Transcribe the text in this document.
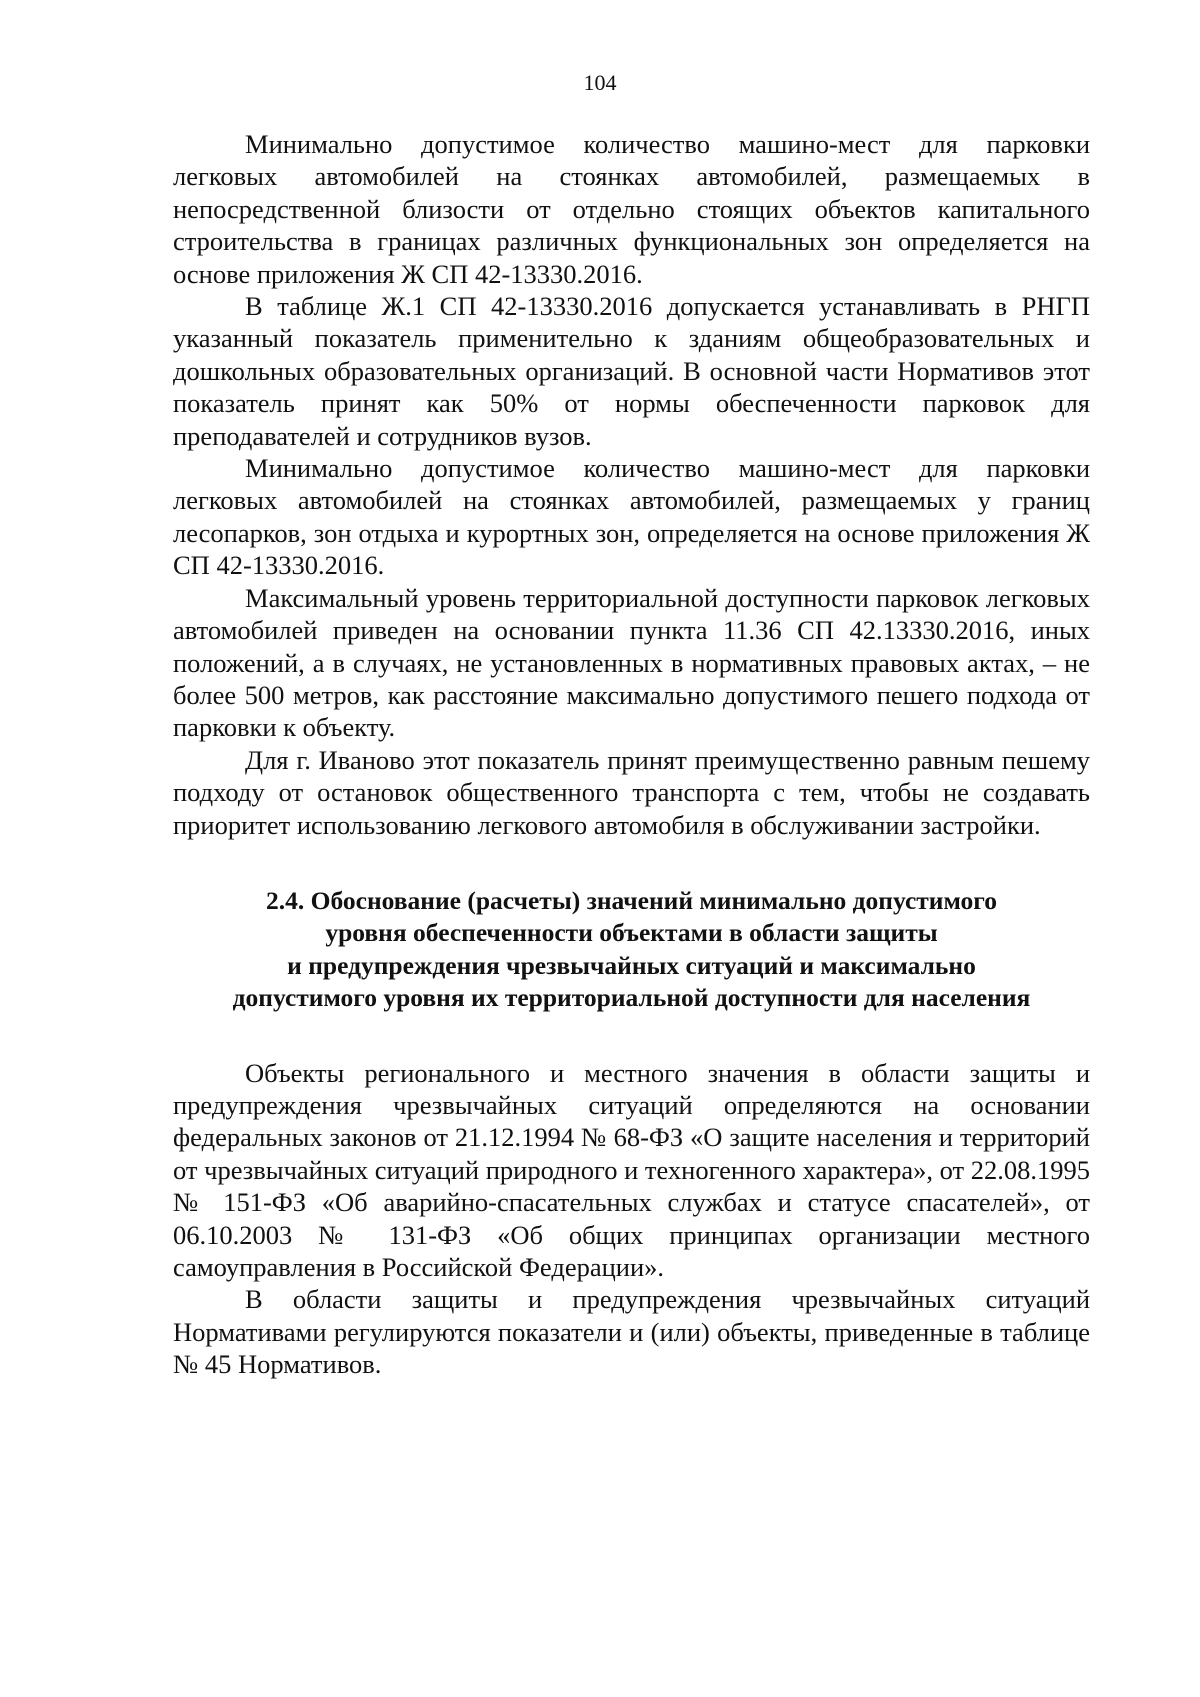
104

Минимально допустимое количество машино-мест для парковки легковых автомобилей на стоянках автомобилей, размещаемых в непосредственной близости от отдельно стоящих объектов капитального строительства в границах различных функциональных зон определяется на основе приложения Ж СП 42-13330.2016.

В таблице Ж.1 СП 42-13330.2016 допускается устанавливать в РНГП указанный показатель применительно к зданиям общеобразовательных и дошкольных образовательных организаций. В основной части Нормативов этот показатель принят как 50% от нормы обеспеченности парковок для преподавателей и сотрудников вузов.

Минимально допустимое количество машино-мест для парковки легковых автомобилей на стоянках автомобилей, размещаемых у границ лесопарков, зон отдыха и курортных зон, определяется на основе приложения Ж СП 42-13330.2016.

Максимальный уровень территориальной доступности парковок легковых автомобилей приведен на основании пункта 11.36 СП 42.13330.2016, иных положений, а в случаях, не установленных в нормативных правовых актах, – не более 500 метров, как расстояние максимально допустимого пешего подхода от парковки к объекту.

Для г. Иваново этот показатель принят преимущественно равным пешему подходу от остановок общественного транспорта с тем, чтобы не создавать приоритет использованию легкового автомобиля в обслуживании застройки.

2.4. Обоснование (расчеты) значений минимально допустимого
уровня обеспеченности объектами в области защиты
и предупреждения чрезвычайных ситуаций и максимально
допустимого уровня их территориальной доступности для населения

Объекты регионального и местного значения в области защиты и предупреждения чрезвычайных ситуаций определяются на основании федеральных законов от 21.12.1994 № 68-ФЗ «О защите населения и территорий от чрезвычайных ситуаций природного и техногенного характера», от 22.08.1995 № 151-ФЗ «Об аварийно-спасательных службах и статусе спасателей», от 06.10.2003 № 131-ФЗ «Об общих принципах организации местного самоуправления в Российской Федерации».

В области защиты и предупреждения чрезвычайных ситуаций Нормативами регулируются показатели и (или) объекты, приведенные в таблице № 45 Нормативов.
